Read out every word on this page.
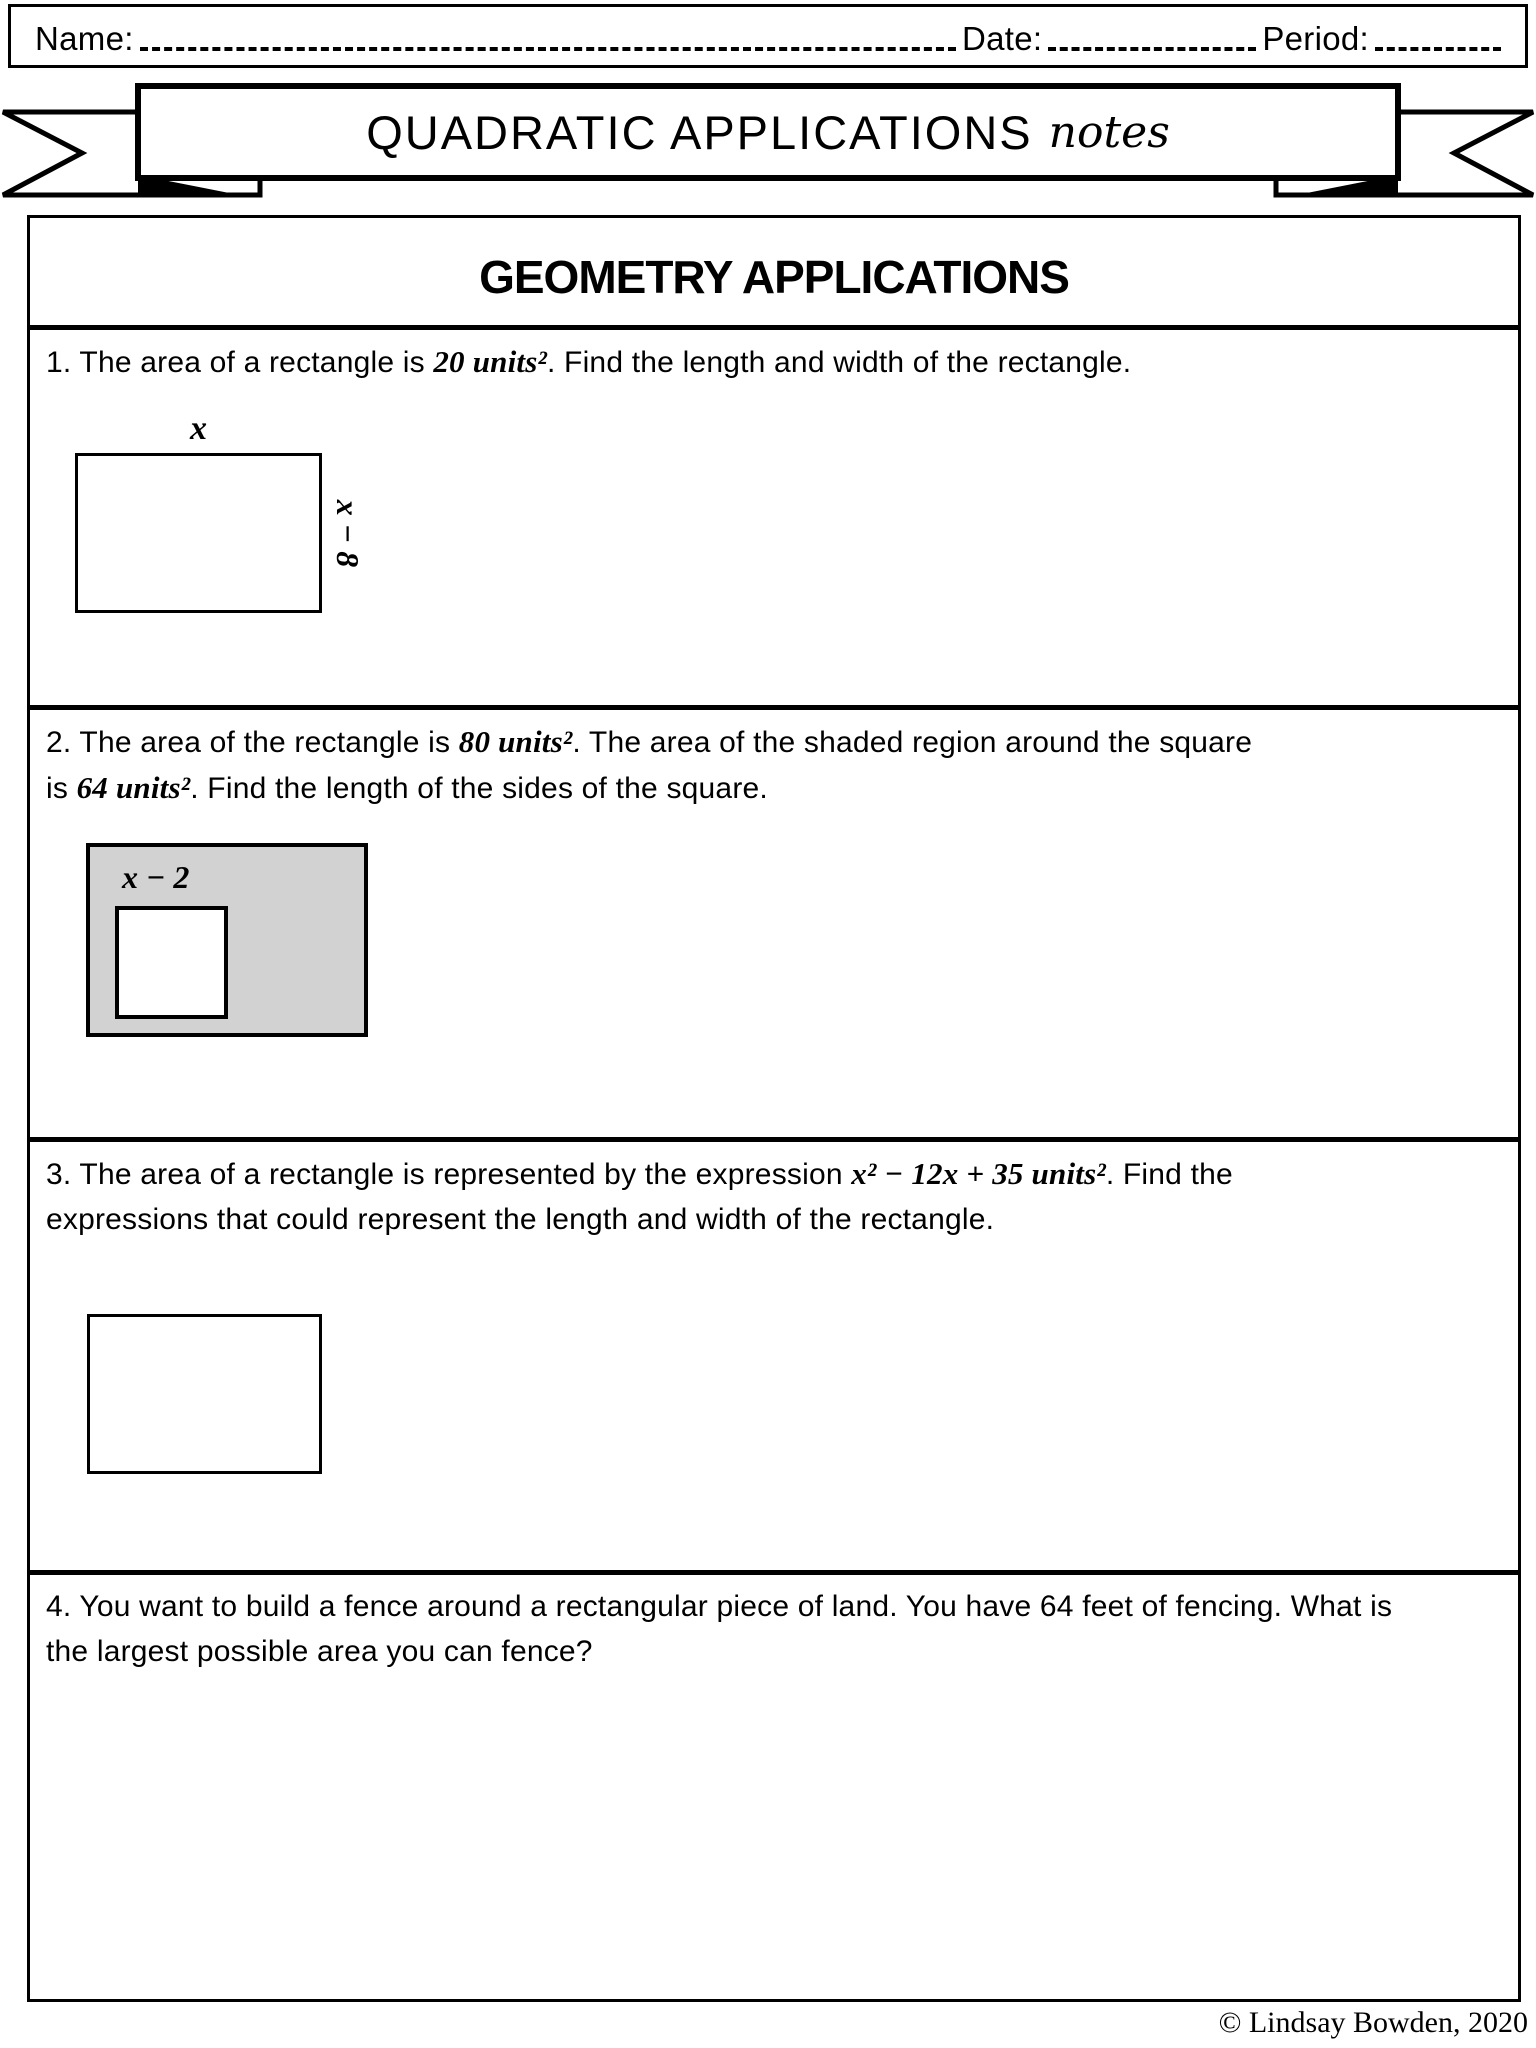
Name:	Date:	Period:
QUADRATIC APPLICATIONS notes
GEOMETRY APPLICATIONS
1. The area of a rectangle is 20 units². Find the length and width of the rectangle.
x
x − 8
2. The area of the rectangle is 80 units². The area of the shaded region around the square
is 64 units². Find the length of the sides of the square.
x − 2
3. The area of a rectangle is represented by the expression x² − 12x + 35 units². Find the
expressions that could represent the length and width of the rectangle.
4. You want to build a fence around a rectangular piece of land. You have 64 feet of fencing. What is
the largest possible area you can fence?
© Lindsay Bowden, 2020
